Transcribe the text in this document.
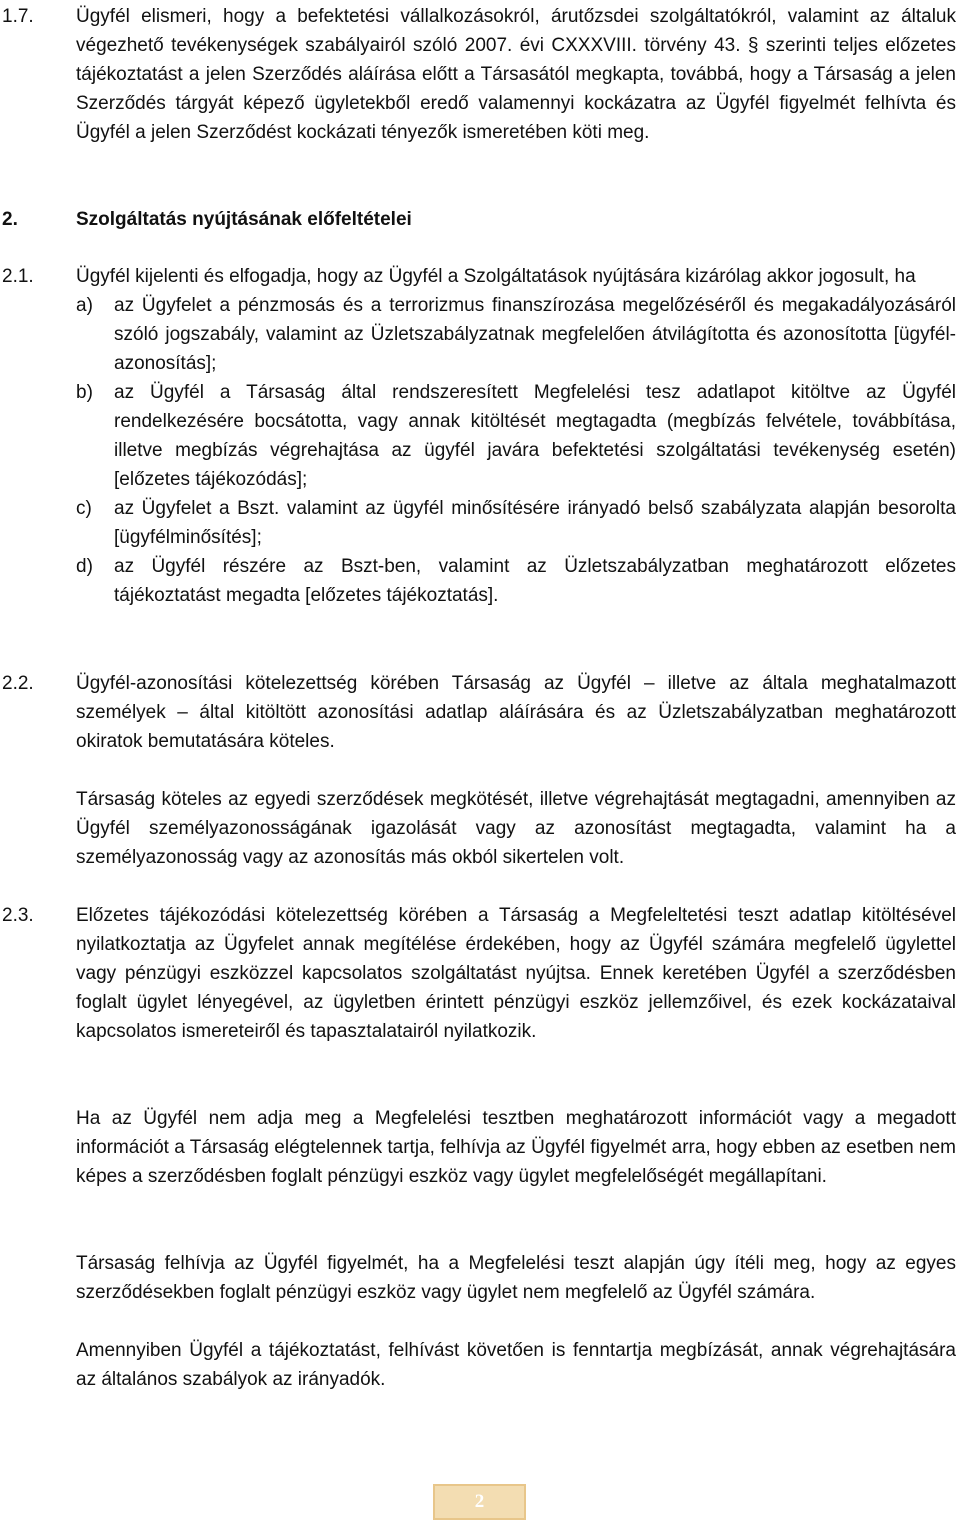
1.7. Ügyfél elismeri, hogy a befektetési vállalkozásokról, árutőzsdei szolgáltatókról, valamint az általuk végezhető tevékenységek szabályairól szóló 2007. évi CXXXVIII. törvény 43. § szerinti teljes előzetes tájékoztatást a jelen Szerződés aláírása előtt a Társasától megkapta, továbbá, hogy a Társaság a jelen Szerződés tárgyát képező ügyletekből eredő valamennyi kockázatra az Ügyfél figyelmét felhívta és Ügyfél a jelen Szerződést kockázati tényezők ismeretében köti meg.
2.	Szolgáltatás nyújtásának előfeltételei
2.1. Ügyfél kijelenti és elfogadja, hogy az Ügyfél a Szolgáltatások nyújtására kizárólag akkor jogosult, ha
a) az Ügyfelet a pénzmosás és a terrorizmus finanszírozása megelőzéséről és megakadályozásáról szóló jogszabály, valamint az Üzletszabályzatnak megfelelően átvilágította és azonosította [ügyfél-azonosítás];
b) az Ügyfél a Társaság által rendszeresített Megfelelési tesz adatlapot kitöltve az Ügyfél rendelkezésére bocsátotta, vagy annak kitöltését megtagadta (megbízás felvétele, továbbítása, illetve megbízás végrehajtása az ügyfél javára befektetési szolgáltatási tevékenység esetén) [előzetes tájékozódás];
c) az Ügyfelet a Bszt. valamint az ügyfél minősítésére irányadó belső szabályzata alapján besorolta [ügyfélminősítés];
d) az Ügyfél részére az Bszt-ben, valamint az Üzletszabályzatban meghatározott előzetes tájékoztatást megadta [előzetes tájékoztatás].
2.2. Ügyfél-azonosítási kötelezettség körében Társaság az Ügyfél – illetve az általa meghatalmazott személyek – által kitöltött azonosítási adatlap aláírására és az Üzletszabályzatban meghatározott okiratok bemutatására köteles.
Társaság köteles az egyedi szerződések megkötését, illetve végrehajtását megtagadni, amennyiben az Ügyfél személyazonosságának igazolását vagy az azonosítást megtagadta, valamint ha a személyazonosság vagy az azonosítás más okból sikertelen volt.
2.3. Előzetes tájékozódási kötelezettség körében a Társaság a Megfeleltetési teszt adatlap kitöltésével nyilatkoztatja az Ügyfelet annak megítélése érdekében, hogy az Ügyfél számára megfelelő ügylettel vagy pénzügyi eszközzel kapcsolatos szolgáltatást nyújtsa. Ennek keretében Ügyfél a szerződésben foglalt ügylet lényegével, az ügyletben érintett pénzügyi eszköz jellemzőivel, és ezek kockázataival kapcsolatos ismereteiről és tapasztalatairól nyilatkozik.
Ha az Ügyfél nem adja meg a Megfelelési tesztben meghatározott információt vagy a megadott információt a Társaság elégtelennek tartja, felhívja az Ügyfél figyelmét arra, hogy ebben az esetben nem képes a szerződésben foglalt pénzügyi eszköz vagy ügylet megfelelőségét megállapítani.
Társaság felhívja az Ügyfél figyelmét, ha a Megfelelési teszt alapján úgy ítéli meg, hogy az egyes szerződésekben foglalt pénzügyi eszköz vagy ügylet nem megfelelő az Ügyfél számára.
Amennyiben Ügyfél a tájékoztatást, felhívást követően is fenntartja megbízását, annak végrehajtására az általános szabályok az irányadók.
2
